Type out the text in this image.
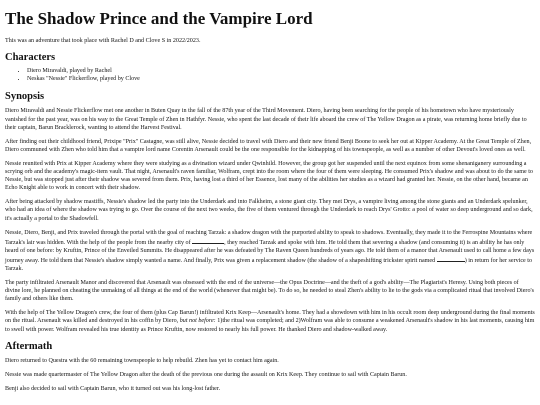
The Shadow Prince and the Vampire Lord

This was an adventure that took place with Rachel D and Clove S in 2022/2023.

Characters
• Diero Miravaldi, played by Rachel
• Neskas "Nessie" Flickerflow, played by Clove
Synopsis

Diero Miravaldi and Nessie Flickerflow met one another in Buten Quay in the fall of the 87th year of the Third Movement. Diero, having been searching for the people of his hometown who have mysteriously vanished for the past year, was on his way to the Great Temple of Zhen in Hathfyr. Nessie, who spent the last decade of their life aboard the crew of The Yellow Dragon as a pirate, was returning home briefly due to their captain, Barun Bracklerock, wanting to attend the Harvest Festival.

After finding out their childhood friend, Prixipe "Prix" Castagne, was still alive, Nessie decided to travel with Diero and their new friend Benji Boone to seek her out at Kipper Academy. At the Great Temple of Zhen, Diero communed with Zhen who told him that a vampire lord name Corentin Arsenault could be the one responsible for the kidnapping of his townspeople, as well as a number of other Devout's loved ones as well.

Nessie reunited with Prix at Kipper Academy where they were studying as a divination wizard under Qwinhild. However, the group got her suspended until the next equinox from some shenaniganery surrounding a scrying orb and the academy's magic-item vault. That night, Arsenault's raven familiar, Wolfram, crept into the room where the four of them were sleeping. He consumed Prix's shadow and was about to do the same to Nessie, but was stopped just after their shadow was severed from them. Prix, having lost a third of her Essence, lost many of the abilities her studies as a wizard had granted her. Nessie, on the other hand, became an Echo Knight able to work in concert with their shadow.

After being attacked by shadow mastiffs, Nessie's shadow led the party into the Underdark and into Falkheim, a stone giant city. They met Drys, a vampire living among the stone giants and an Underdark spelunker, who had an idea of where the shadow was trying to go. Over the course of the next two weeks, the five of them ventured through the Underdark to reach Drys' Grotto: a pool of water so deep underground and so dark, it's actually a portal to the Shadowfell.

Nessie, Diero, Benji, and Prix traveled through the portal with the goal of reaching Tarzak: a shadow dragon with the purported ability to speak to shadows. Eventually, they made it to the Ferrospine Mountains where Tarzak's lair was hidden. With the help of the people from the nearby city of	, they reached Tarzak and spoke with him. He told them that severing a shadow (and consuming it) is an ability he has only heard of one before: by Kruftin, Prince of the Enveiled Summits. He disappeared after he was defeated by The Raven Queen hundreds of years ago. He told them of a manor that Arsenault used to call home a few days journey away. He told them that Nessie's shadow simply wanted a name. And finally, Prix was given a replacement shadow (the shadow of a shapeshifting trickster spirit named	) in return for her service to Tarzak.

The party infiltrated Arsenault Manor and discovered that Arsenault was obsessed with the end of the universe—the Opus Doctrine—and the theft of a god's ability—The Plagiarist's Heresy. Using both pieces of divine lore, he planned on cheating the unmaking of all things at the end of the world (whenever that might be). To do so, he needed to steal Zhen's ability to lie to the gods via a complicated ritual that involved Diero's family and others like them.

With the help of The Yellow Dragon's crew, the four of them (plus Cap Barun!) infiltrated Krix Keep—Arsenault's home. They had a showdown with him in his occult room deep underground during the final moments on the ritual. Arsenault was killed and destroyed in his coffin by Diero, but not before: 1)the ritual was completed; and 2)Wolfram was able to consume a weakened Arsenault's shadow in his last moments, causing him to swell with power. Wolfram revealed his true identity as Prince Kruftin, now restored to nearly his full power. He thanked Diero and shadow-walked away.

Aftermath

Diero returned to Questra with the 60 remaining townspeople to help rebuild. Zhen has yet to contact him again.

Nessie was made quartermaster of The Yellow Dragon after the death of the previous one during the assault on Krix Keep. They continue to sail with Captain Barun.

Benji also decided to sail with Captain Barun, who it turned out was his long-lost father.
